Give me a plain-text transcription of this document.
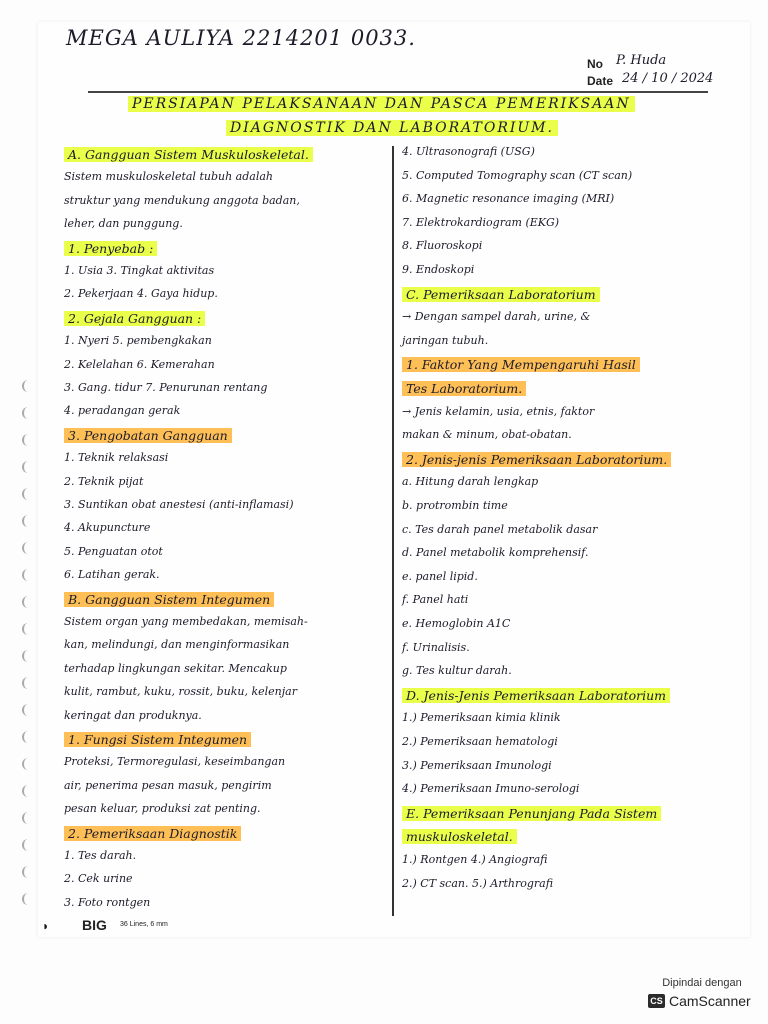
MEGA AULIYA 2214201 0033.
No P. Huda
Date 24 / 10 / 2024
PERSIAPAN PELAKSANAAN DAN PASCA PEMERIKSAAN
DIAGNOSTIK DAN LABORATORIUM.
A. Gangguan Sistem Muskuloskeletal.
Sistem muskuloskeletal tubuh adalah
struktur yang mendukung anggota badan,
leher, dan punggung.
1. Penyebab :
1. Usia 3. Tingkat aktivitas
2. Pekerjaan 4. Gaya hidup.
2. Gejala Gangguan :
1. Nyeri 5. pembengkakan
2. Kelelahan 6. Kemerahan
3. Gang. tidur 7. Penurunan rentang
4. peradangan gerak
3. Pengobatan Gangguan
1. Teknik relaksasi
2. Teknik pijat
3. Suntikan obat anestesi (anti-inflamasi)
4. Akupuncture
5. Penguatan otot
6. Latihan gerak.
B. Gangguan Sistem Integumen
Sistem organ yang membedakan, memisah-
kan, melindungi, dan menginformasikan
terhadap lingkungan sekitar. Mencakup
kulit, rambut, kuku, rossit, buku, kelenjar
keringat dan produknya.
1. Fungsi Sistem Integumen
Proteksi, Termoregulasi, keseimbangan
air, penerima pesan masuk, pengirim
pesan keluar, produksi zat penting.
2. Pemeriksaan Diagnostik
1. Tes darah.
2. Cek urine
3. Foto rontgen
4. Ultrasonografi (USG)
5. Computed Tomography scan (CT scan)
6. Magnetic resonance imaging (MRI)
7. Elektrokardiogram (EKG)
8. Fluoroskopi
9. Endoskopi
C. Pemeriksaan Laboratorium
→ Dengan sampel darah, urine, &
jaringan tubuh.
1. Faktor Yang Mempengaruhi Hasil
Tes Laboratorium.
→ Jenis kelamin, usia, etnis, faktor
makan & minum, obat-obatan.
2. Jenis-jenis Pemeriksaan Laboratorium.
a. Hitung darah lengkap
b. protrombin time
c. Tes darah panel metabolik dasar
d. Panel metabolik komprehensif.
e. panel lipid.
f. Panel hati
e. Hemoglobin A1C
f. Urinalisis.
g. Tes kultur darah.
D. Jenis-Jenis Pemeriksaan Laboratorium
1.) Pemeriksaan kimia klinik
2.) Pemeriksaan hematologi
3.) Pemeriksaan Imunologi
4.) Pemeriksaan Imuno-serologi
E. Pemeriksaan Penunjang Pada Sistem
muskuloskeletal.
1.) Rontgen 4.) Angiografi
2.) CT scan. 5.) Arthrografi
◗ BIG 36 Lines, 6 mm
Dipindai dengan
CS CamScanner
